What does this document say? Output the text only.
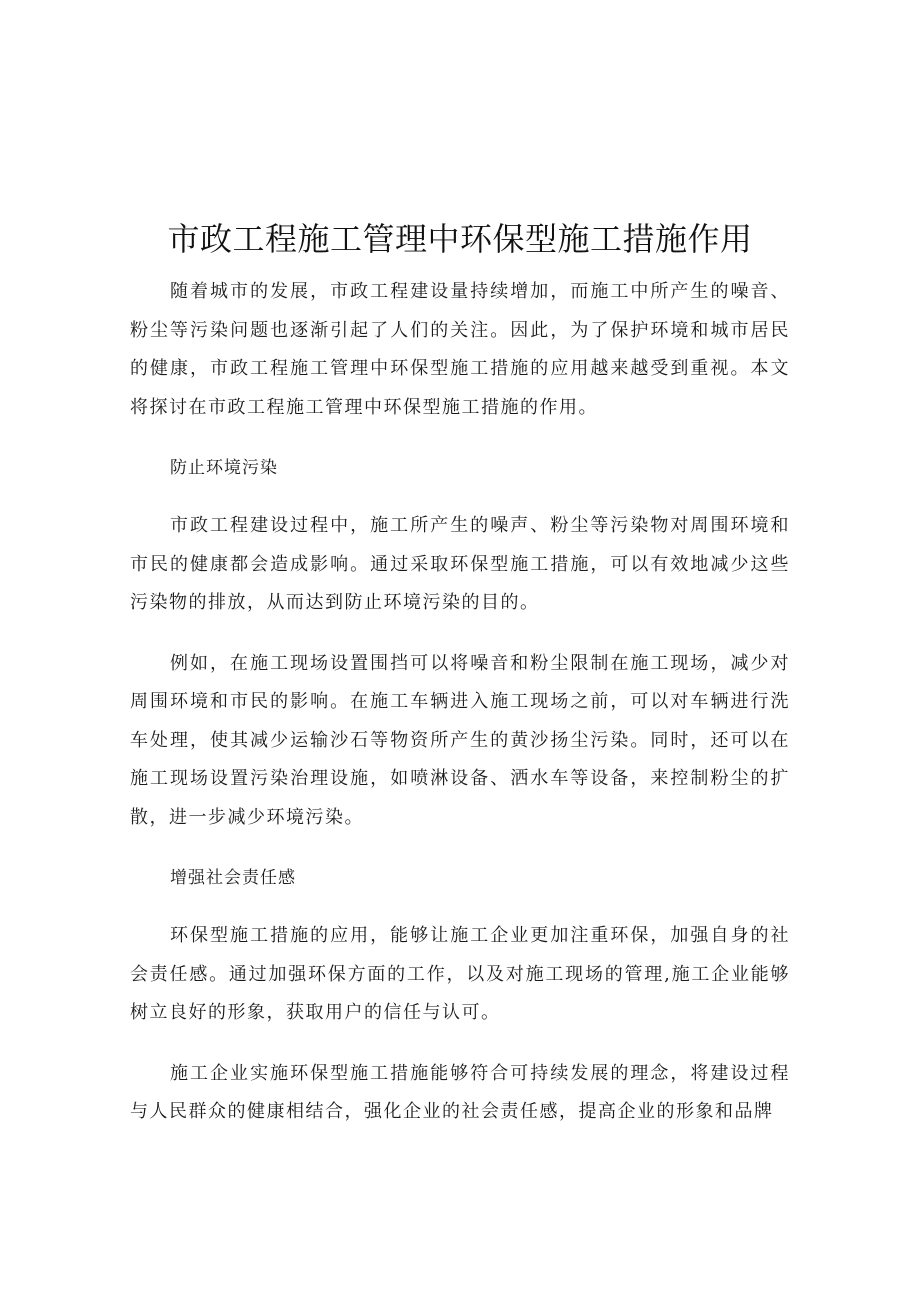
市政工程施工管理中环保型施工措施作用

随着城市的发展，市政工程建设量持续增加，而施工中所产生的噪音、粉尘等污染问题也逐渐引起了人们的关注。因此，为了保护环境和城市居民的健康，市政工程施工管理中环保型施工措施的应用越来越受到重视。本文将探讨在市政工程施工管理中环保型施工措施的作用。

防止环境污染

市政工程建设过程中，施工所产生的噪声、粉尘等污染物对周围环境和市民的健康都会造成影响。通过采取环保型施工措施，可以有效地减少这些污染物的排放，从而达到防止环境污染的目的。

例如，在施工现场设置围挡可以将噪音和粉尘限制在施工现场，减少对周围环境和市民的影响。在施工车辆进入施工现场之前，可以对车辆进行洗车处理，使其减少运输沙石等物资所产生的黄沙扬尘污染。同时，还可以在施工现场设置污染治理设施，如喷淋设备、洒水车等设备，来控制粉尘的扩散，进一步减少环境污染。

增强社会责任感

环保型施工措施的应用，能够让施工企业更加注重环保，加强自身的社会责任感。通过加强环保方面的工作，以及对施工现场的管理,施工企业能够树立良好的形象，获取用户的信任与认可。

施工企业实施环保型施工措施能够符合可持续发展的理念，将建设过程与人民群众的健康相结合，强化企业的社会责任感，提高企业的形象和品牌
